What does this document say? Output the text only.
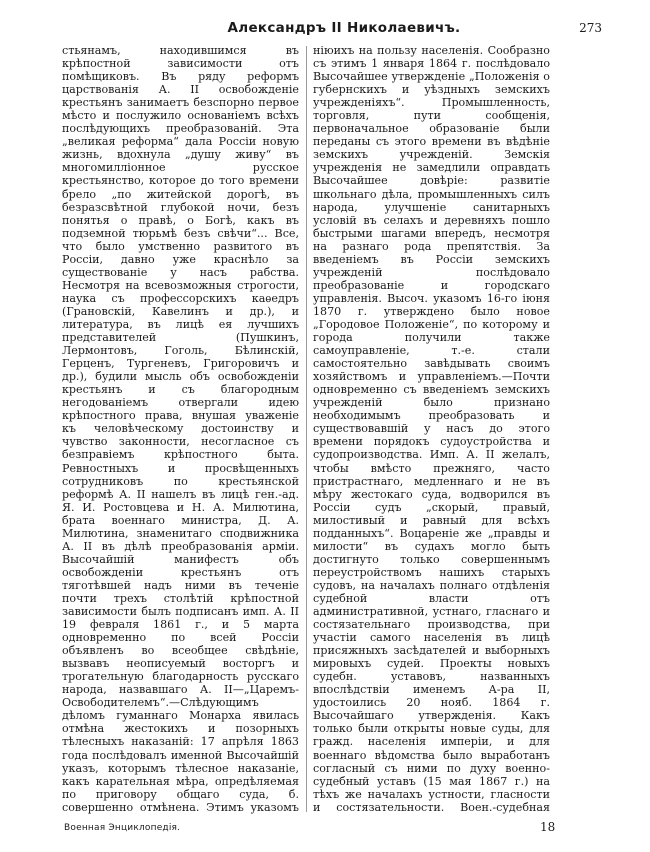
Александръ II Николаевичъ.	273

стьянамъ, находившимся въ крѣпостной зависимости отъ помѣщиковъ. Въ ряду реформъ царствованія А. II освобожденіе крестьянъ занимаетъ безспорно первое мѣсто и послужило основаніемъ всѣхъ послѣдующихъ преобразованій. Эта „великая реформа“ дала Россіи новую жизнь, вдохнула „душу живу“ въ многомилліонное русское крестьянство, которое до того времени брело „по житейской дорогѣ, въ безразсвѣтной глубокой ночи, безъ понятья о правѣ, о Богѣ, какъ въ подземной тюрьмѣ безъ свѣчи“... Все, что было умственно развитого въ Россіи, давно уже краснѣло за существованіе у насъ рабства. Несмотря на всевозможныя строгости, наука съ профессорскихъ каѳедръ (Грановскій, Кавелинъ и др.), и литература, въ лицѣ ея лучшихъ представителей (Пушкинъ, Лермонтовъ, Гоголь, Бѣлинскій, Герценъ, Тургеневъ, Григоровичъ и др.), будили мысль объ освобожденіи крестьянъ и съ благородным негодованіемъ отвергали идею крѣпостного права, внушая уваженіе къ человѣческому достоинству и чувство законности, несогласное съ безправіемъ крѣпостного быта. Ревностныхъ и просвѣщенныхъ сотрудниковъ по крестьянской реформѣ А. II нашелъ въ лицѣ ген.-ад. Я. И. Ростовцева и Н. А. Милютина, брата военнаго министра, Д. А. Милютина, знаменитаго сподвижника А. II въ дѣлѣ преобразованія арміи. Высочайшій манифестъ объ освобожденіи крестьянъ отъ тяготѣвшей надъ ними въ теченіе почти трехъ столѣтій крѣпостной зависимости былъ подписанъ имп. А. II 19 февраля 1861 г., и 5 марта одновременно по всей Россіи объявленъ во всеобщее свѣдѣніе, вызвавъ неописуемый восторгъ и трогательную благодарность русскаго народа, назвавшаго А. II—„Царемъ-Освободителемъ“.—Слѣдующимъ дѣломъ гуманнаго Монарха явилась отмѣна жестокихъ и позорныхъ тѣлесныхъ наказаній: 17 апрѣля 1863 года послѣдовалъ именной Высочайшій указъ, которымъ тѣлесное наказаніе, какъ карательная мѣра, опредѣляемая по приговору общаго суда, б. совершенно отмѣнена. Этимъ указомъ

ніюихъ на пользу населенія. Сообразно съ этимъ 1 января 1864 г. послѣдовало Высочайшее утвержденіе „Положенія о губернскихъ и уѣздныхъ земскихъ учрежденіяхъ“. Промышленность, торговля, пути сообщенія, первоначальное образованіе были переданы съ этого времени въ вѣдѣніе земскихъ учрежденій. Земскія учрежденія не замедлили оправдать Высочайшее довѣріе: развитіе школьнаго дѣла, промышленныхъ силъ народа, улучшеніе санитарныхъ условій въ селахъ и деревняхъ пошло быстрыми шагами впередъ, несмотря на разнаго рода препятствія. За введеніемъ въ Россіи земскихъ учрежденій послѣдовало преобразованіе и городскаго управленія. Высоч. указомъ 16-го іюня 1870 г. утверждено было новое „Городовое Положеніе“, по которому и города получили также самоуправленіе, т.-е. стали самостоятельно завѣдывать своимъ хозяйствомъ и управленіемъ.—Почти одновременно съ введеніемъ земскихъ учрежденій было признано необходимымъ преобразовать и существовавшій у насъ до этого времени порядокъ судоустройства и судопроизводства. Имп. А. II желалъ, чтобы вмѣсто прежняго, часто пристрастнаго, медленнаго и не въ мѣру жестокаго суда, водворился въ Россіи судъ „скорый, правый, милостивый и равный для всѣхъ подданныхъ“. Воцареніе же „правды и милости“ въ судахъ могло быть достигнуто только совершеннымъ переустройствомъ нашихъ старыхъ судовъ, на началахъ полнаго отдѣленія судебной власти отъ административной, устнаго, гласнаго и состязательнаго производства, при участіи самого населенія въ лицѣ присяжныхъ засѣдателей и выборныхъ мировыхъ судей. Проекты новыхъ судебн. уставовъ, названныхъ впослѣдствіи именемъ А-ра II, удостоились 20 нояб. 1864 г. Высочайшаго утвержденія. Какъ только были открыты новые суды, для гражд. населенія имперіи, и для военнаго вѣдомства было выработанъ согласный съ ними по духу военно-судебный уставъ (15 мая 1867 г.) на тѣхъ же началахъ устности, гласности и состязательности. Воен.-судебная

Военная Энциклопедія.	18
